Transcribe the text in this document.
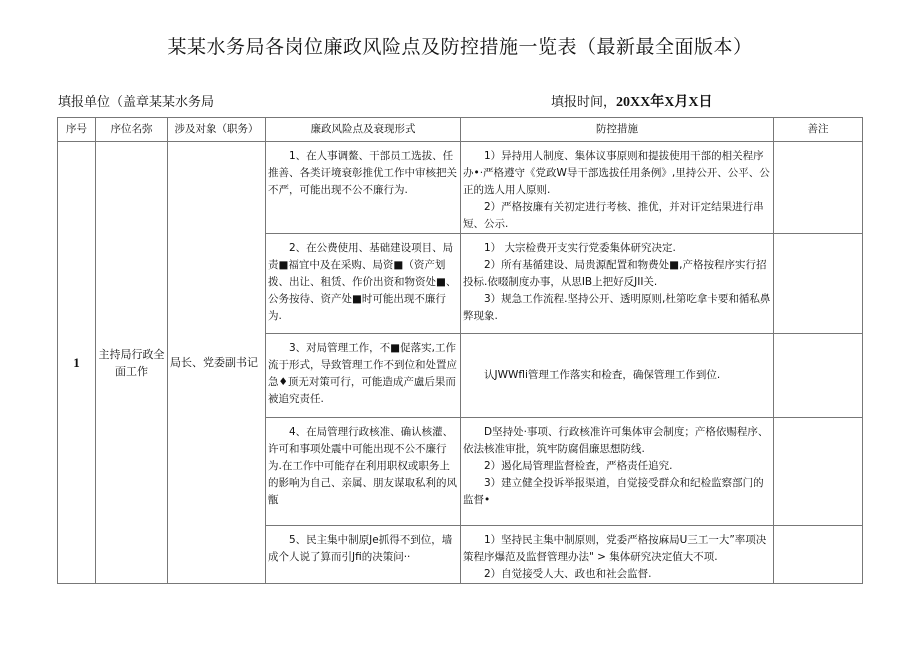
某某水务局各岗位廉政风险点及防控措施一览表（最新最全面版本）
填报单位（盖章某某水务局	填报时间，20XX年X月X日
序号	序位名弥	涉及对象（职务）	廉政风险点及衰现形式	防控措施	善注
1	主持局行政全面工作	局长、党委副书记	1、在人事调鳌、干部员工选拔、任推善、各类讦境衰彰推优工作中审核把关不严，可能出现不公不廉行为.	1）异持用人制度、集体议事原则和提拔使用干部的相关程序办•·严格遵守《党政W导干部选拔任用条例》,里持公开、公平、公正的选人用人原则.

2）严格按廉有关初定进行考核、推优，并对讦定结果进行串短、公示.	

			2、在公费使用、基础建设项目、局责■福宜中及在采购、局资■（资产划拨、出让、租赁、作价出资和物资处■、公务按待、资产处■时可能出现不廉行为.	1） 大宗检费开支实行党委集体研究决定.

2）所有基循建设、局贵源配置和物费处■,产格按程序实行招投标.依啜制度办事，从思IB上把好反JII关.

3）规急工作流程.坚持公开、透明原则,杜第吃拿卡要和循私鼻弊现象.	

			3、对局管理工作，不■促落实,工作流于形式，导致管理工作不到位和处置应急♦顶无对策可行，可能造成产盧后果而被追究责任.	认JWWfli管理工作落实和检査，确保管理工作到位.	

			4、在局管理行政核准、确认核灌、许可和事项处震中可能出现不公不廉行为.在工作中可能存在利用职权或职务上的影响为自己、亲属、朋友谋取私利的风甑	D坚持处·事项、行政核准许可集体审会制度；产格依赐程序、依法核准审批，筑牢防腐倡廉思想防线.

2）遏化局管理监督检査，严格责任追究.

3）建立健全投诉举报渠道，自觉接受群众和纪检监察部门的监督•	

			5、民主集中制原Je抓得不到位，墙成个人说了算而引Jfi的决策问··	1）坚持民主集中制原则，党委严格按麻局U三工一大”率项决策程序爆范及监督管理办法" > 集体研究决定值大不项.

2）自觉接受人大、政也和社会监督.	
